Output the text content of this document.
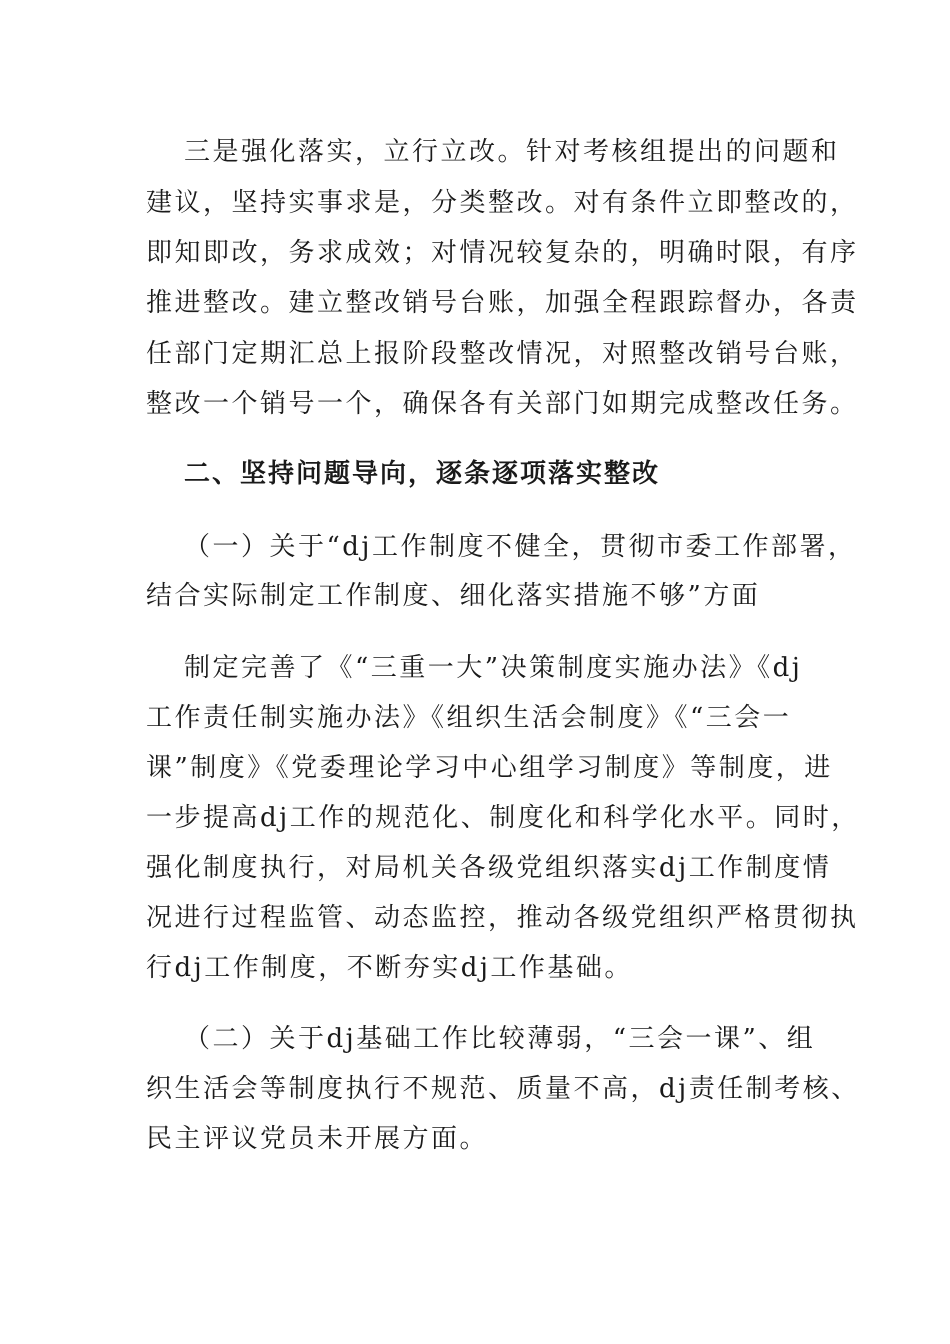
三是强化落实，立行立改。针对考核组提出的问题和
建议，坚持实事求是，分类整改。对有条件立即整改的，
即知即改，务求成效；对情况较复杂的，明确时限，有序
推进整改。建立整改销号台账，加强全程跟踪督办，各责
任部门定期汇总上报阶段整改情况，对照整改销号台账，
整改一个销号一个，确保各有关部门如期完成整改任务。
二、坚持问题导向，逐条逐项落实整改
（一）关于“dj工作制度不健全，贯彻市委工作部署，
结合实际制定工作制度、细化落实措施不够”方面
制定完善了《“三重一大”决策制度实施办法》《dj
工作责任制实施办法》《组织生活会制度》《“三会一
课”制度》《党委理论学习中心组学习制度》等制度，进
一步提高dj工作的规范化、制度化和科学化水平。同时，
强化制度执行，对局机关各级党组织落实dj工作制度情
况进行过程监管、动态监控，推动各级党组织严格贯彻执
行dj工作制度，不断夯实dj工作基础。
（二）关于dj基础工作比较薄弱，“三会一课”、组
织生活会等制度执行不规范、质量不高，dj责任制考核、
民主评议党员未开展方面。
